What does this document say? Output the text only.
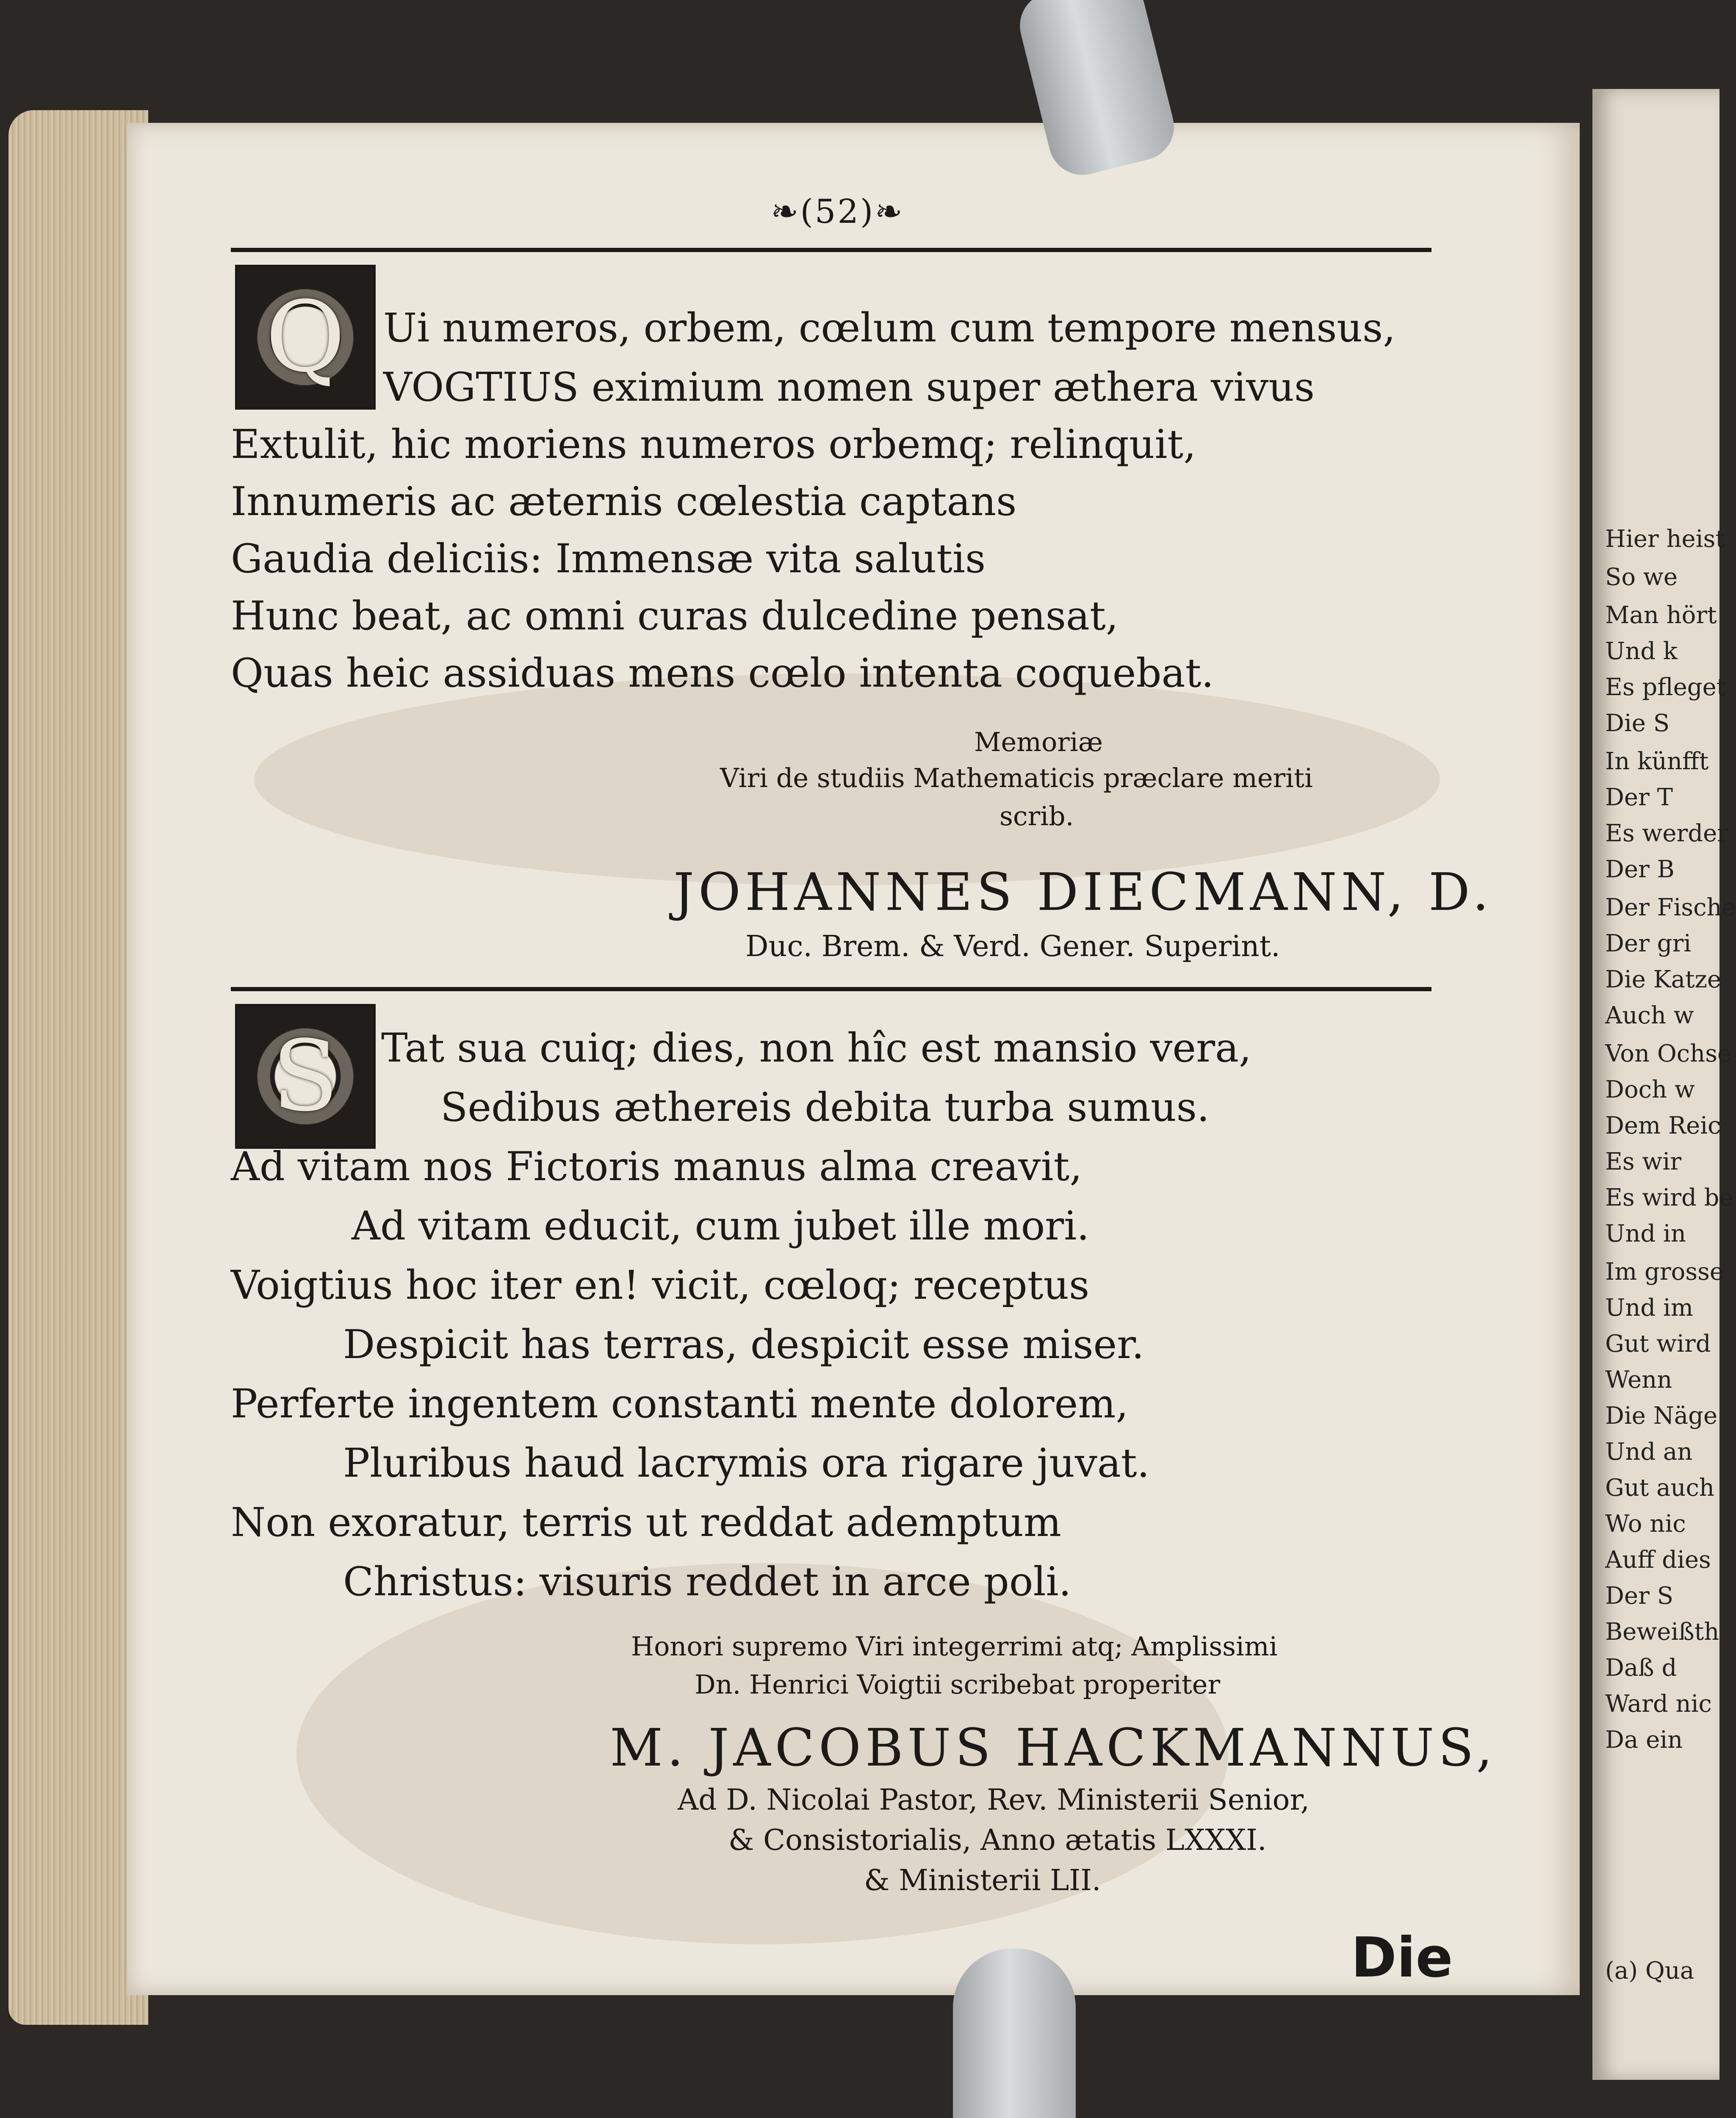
❧(52)❧
Q Ui numeros, orbem, cœlum cum tempore mensus,
VOGTIUS eximium nomen super æthera vivus
Extulit, hic moriens numeros orbemq; relinquit,
Innumeris ac æternis cœlestia captans
Gaudia deliciis: Immensæ vita salutis
Hunc beat, ac omni curas dulcedine pensat,
Quas heic assiduas mens cœlo intenta coquebat.
Memoriæ
Viri de studiis Mathematicis præclare meriti
scrib.
JOHANNES DIECMANN, D.
Duc. Brem. & Verd. Gener. Superint.
S	Tat sua cuiq; dies, non hîc est mansio vera,
Sedibus æthereis debita turba sumus.
Ad vitam nos Fictoris manus alma creavit,
Ad vitam educit, cum jubet ille mori.
Voigtius hoc iter en! vicit, cœloq; receptus
Despicit has terras, despicit esse miser.
Perferte ingentem constanti mente dolorem,
Pluribus haud lacrymis ora rigare juvat.
Non exoratur, terris ut reddat ademptum
Christus: visuris reddet in arce poli.
Honori supremo Viri integerrimi atq; Amplissimi
Dn. Henrici Voigtii scribebat properiter
M. JACOBUS HACKMANNUS,
Ad D. Nicolai Pastor, Rev. Ministerii Senior,
& Consistorialis, Anno ætatis LXXXI.
& Ministerii LII.
Die
Hier heist
So we
Man hört
Und k
Es pfleget
Die S
In künfft
Der T
Es werder
Der B
Der Fische
Der gri
Die Katze
Auch w
Von Ochse
Doch w
Dem Reic
Es wir
Es wird be
Und in
Im grosse
Und im
Gut wird
Wenn
Die Näge
Und an
Gut auch
Wo nic
Auff dies
Der S
Beweißth
Daß d
Ward nic
Da ein
(a) Qua
